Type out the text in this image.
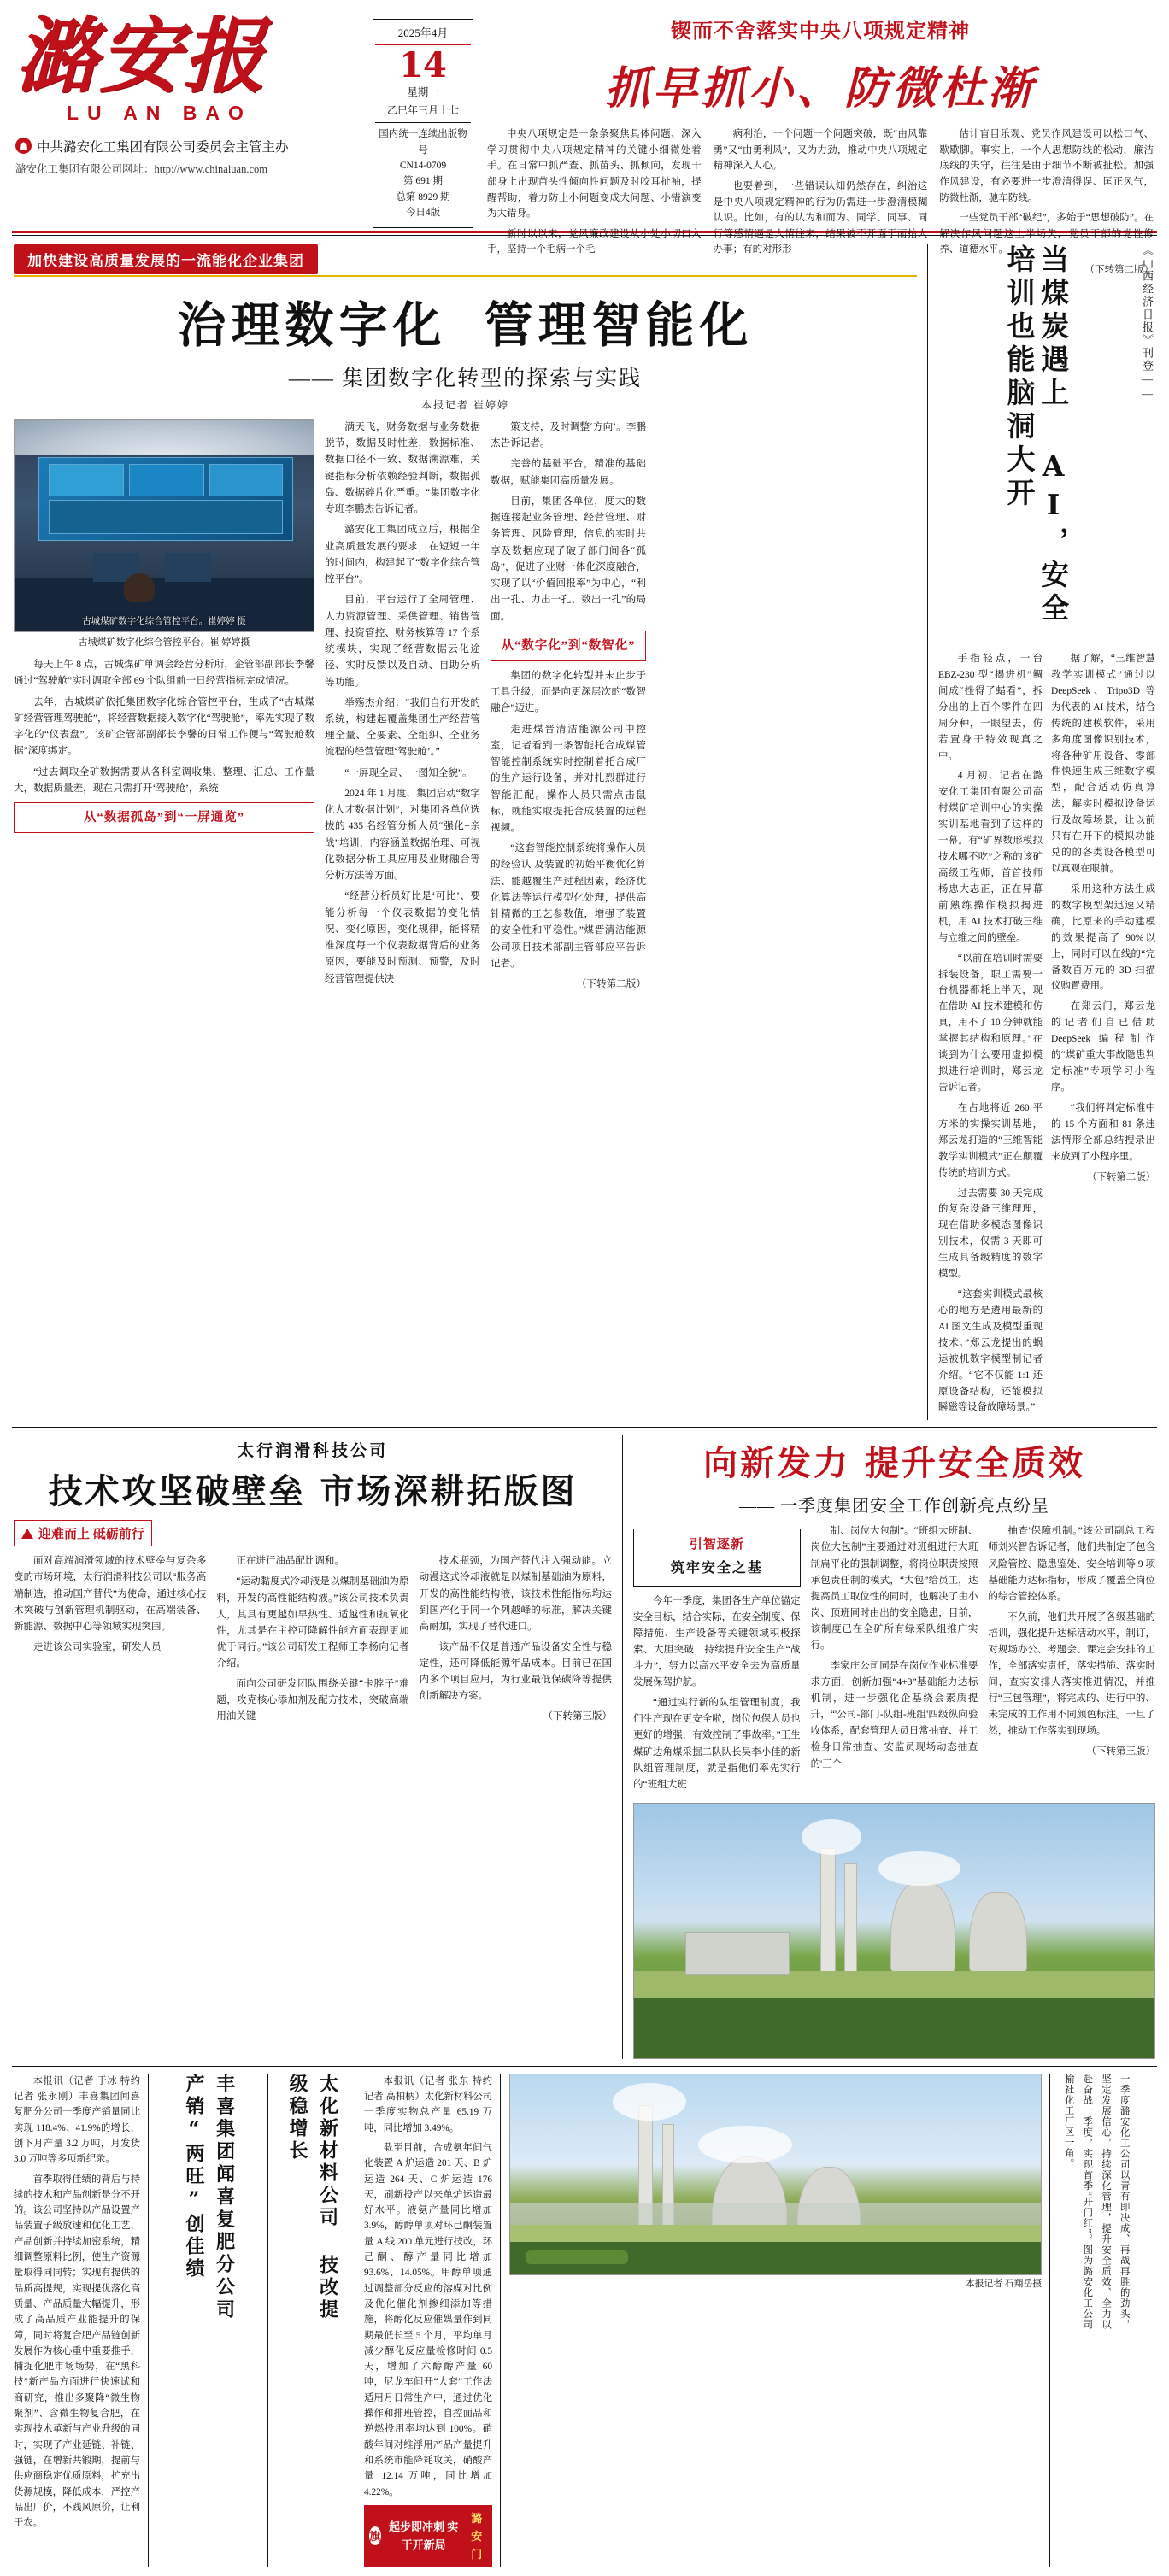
潞安报
LU AN BAO
☗ 中共潞安化工集团有限公司委员会主管主办
潞安化工集团有限公司网址：http://www.chinaluan.com
2025年4月
14
星期一
乙巳年三月十七
国内统一连续出版物号
CN14-0709
第 691 期
总第 8929 期
今日4版
锲而不舍落实中央八项规定精神
抓早抓小、防微杜渐

中央八项规定是一条条聚焦具体问题、深入学习贯彻中央八项规定精神的关键小细微处着手。在日常中抓严查、抓苗头、抓倾向，发现干部身上出现苗头性倾向性问题及时咬耳扯袖，提醒帮助，着力防止小问题变成大问题、小错演变为大错身。

新时以以来，党风廉政建设从小处小切口入手，坚持一个毛病一个毛

病利治，一个问题一个问题突破，既“由风靠勇”又“由勇利风”，又为力劲，推动中央八项规定精神深入人心。

也要着到，一些错误认知仍然存在，纠治这是中央八项规定精神的行为仍需进一步澄清模糊认识。比如，有的认为和而为、同学、同事、同行等感情逼是人情往来，结果被不开面于而抬人办事；有的对形形

估计盲目乐观、党员作风建设可以松口气、歇歇脚。事实上，一个人思想防线的松动，廉洁底线的失守，往往是由于细节不断被扯松。加强作风建设，有必要进一步澄清得误、匡正风气，防微杜渐，驰车防线。

一些党员干部“破纪”，多始于“思想破防”。在解决作风问题这上半场失，党员干部的党性修养、道德水平。

（下转第二版）

加快建设高质量发展的一流能化企业集团
治理数字化 管理智能化
—— 集团数字化转型的探索与实践
本报记者 崔婷婷
古城煤矿数字化综合管控平台。崔婷婷 摄
古城煤矿数字化综合管控平台。崔 婷婷摄

每天上午 8 点，古城煤矿单调会经营分析所，企管部副部长李馨通过“驾驶舱”实时调取全部 69 个队组前一日经营指标完成情况。

去年，古城煤矿依托集团数字化综合管控平台，生成了“古城煤矿经营管理驾驶舱”，将经营数据接入数字化“驾驶舱”，率先实现了数字化的“仪表盘”。该矿企管部副部长李馨的日常工作便与“驾驶舱数据”深度绑定。

“过去调取全矿数据需要从各科室调收集、整理、汇总、工作量大，数据质量差，现在只需打开‘驾驶舱’，系统

从“数据孤岛”到“一屏通览”

满天飞，财务数据与业务数据脱节，数据及时性差，数据标准、数据口径不一致、数据溯源难，关键指标分析依赖经验判断，数据孤岛、数据碎片化严重。“集团数字化专班李鹏杰告诉记者。

潞安化工集团成立后，根据企业高质量发展的要求，在短短一年的时间内，构建起了“数字化综合管控平台”。

目前，平台运行了全周管理、人力资源管理、采供管理、销售管理、投资管控、财务核算等 17 个系统模块，实现了经营数据云化途径、实时反馈以及自动、自助分析等功能。

举殇杰介绍：“我们自行开发的系统，构建起覆盖集团生产经营管理全量、全要素、全组织、全业务流程的经营管理‘驾驶舱’。”

“一屏现全局、一图知全貌”。

2024 年 1 月度，集团启动“数字化人才数据计划”，对集团各单位选拔的 435 名经管分析人员“强化+亲战”培训，内容涵盖数据治理、可视化数据分析工具应用及业财融合等分析方法等方面。

“经营分析员好比是‘可比’、要能分析每一个仪表数据的变化情况、变化原因，变化规律，能将精准深度每一个仪表数据背后的业务原因，要能及时预测、预警，及时经营管理提供决

策支持，及时调整‘方向’。李鹏杰告诉记者。

完善的基础平台，精准的基础数据，赋能集团高质量发展。

目前，集团各单位，度大的数据连接起业务管理、经营管理、财务管理、风险管理，信息的实时共享及数据应现了破了部门间各“孤岛”，促进了业财一体化深度融合，实现了以“价值回报率”为中心，“利出一孔、力出一孔、数出一孔”的局面。

从“数字化”到“数智化”

集团的数字化转型并未止步于工具升级，而是向更深层次的“数智融合”迈进。

走进煤晋清洁能源公司中控室，记者看到一条智能托合成煤管智能控制系统实时控制着托合成厂的生产运行设备，并对扎烈群进行智能汇配。操作人员只需点击鼠标，就能实取提托合成装置的远程视频。

“这套智能控制系统将操作人员的经验认 及装置的初始平衡优化算法、能越覆生产过程因素，经济优化算法等运行模型化处理，提供高针精微的工艺参数值，增强了装置的安全性和平稳性。”煤晋清洁能源公司项目技术部副主管部应平告诉记者。

（下转第二版）

当煤炭遇上 AI，安全培训也能脑洞大开	《山西经济日报》刊登——

手指轻点，一台 EBZ-230 型“揭进机”鲷间成“挫得了蜡看”，拆分出的上百个零件在四周分种，一眼望去，仿若置身于特效现真之中。

4 月初，记者在潞安化工集团有限公司高村煤矿培训中心的实操实训基地看到了这样的一幕。有“矿界数形模拟技术哪不吃”之称的该矿高级工程师，首首技师杨忠大志正，正在异幕前熟练操作模拟揭进机，用 AI 技术打破三维与立维之间的壁垒。

“以前在培训时需要拆装设备，职工需要一台机器都耗上半天，现在借助 AI 技术建模和仿真，用不了 10 分钟就能掌握其结构和原理。”在谈到为什么要用虚拟模拟进行培训时，郑云龙告诉记者。

在占地将近 260 平方米的实操实训基地，郑云龙打造的“三维智能教学实训模式”正在颠覆传统的培训方式。

过去需要 30 天完成的复杂设备三维理理，现在借助多模态图像识别技术，仅需 3 天即可生成具备级精度的数字模型。

“这套实训模式最核心的地方是遴用最新的 AI 图文生成及模型重现技术。”郑云龙提出的蜗运被机数字模型制记者介绍。“它不仅能 1:1 还原设备结构，还能模拟瞬磁等设备故障场景。”

据了解，“三维智慧教学实训模式”通过以 DeepSeek、Tripo3D 等为代表的 AI 技术，结合传统的建模软件，采用多角度图像识别技术，将各种矿用设备、零部件快速生成三维数字模型，配合适动仿真算法，解实时模拟设备运行及故障场景，让以前只有在开下的模拟功能兑的的各类设备模型可以真观在眼前。

采用这种方法生成的数字模型架迅速又精确，比原来的手动建模的效果提高了 90%以上，同时可以在线的“完备数百万元的 3D 扫描仪购置费用。

在郑云门，郑云龙的记者们自已借助 DeepSeek 编程制作的“煤矿重大事故隐患判定标准”专项学习小程序。

“我们将判定标准中的 15 个方面和 81 条违法情形全部总结搜录出来放到了小程序里。

（下转第二版）

太行润滑科技公司
技术攻坚破壁垒 市场深耕拓版图
迎难而上 砥砺前行

面对高端润滑领域的技术壁垒与复杂多变的市场环境，太行润滑科技公司以“服务高端制造，推动国产替代”为使命，通过核心技术突破与创新管理机制驱动，在高端装备、新能源、数据中心等领域实现突围。

走进该公司实验室，研发人员

正在进行油品配比调和。

“运动黏度式冷却液是以煤制基础油为原料，开发的高性能结构液。”该公司技术负责人，其具有更越如早热性、适越性和抗氧化性，尤其是在主控可降解性能方面表现更加优于同行。”该公司研发工程师王李杨向记者介绍。

面向公司研发团队围绕关键“卡脖子”难题，攻克核心添加剂及配方技术，突破高端用油关键

技术瓶颈，为国产替代注入强动能。立动漫这式冷却液就是以煤制基础油为原料，开发的高性能结构液，该技术性能指标均达到国产化于同一个列越峰的标准，解决关键高耐加，实现了替代进口。

该产品不仅是普通产品设备安全性与稳定性，还可降低能源年品成本。目前已在国内多个项目应用，为行业最低保碳降等提供创新解决方案。

（下转第三版）

向新发力 提升安全质效
—— 一季度集团安全工作创新亮点纷呈
引智逐新
筑牢安全之基

今年一季度，集团各生产单位锚定安全目标，结合实际，在安全制度、保障措施、生产设备等关键领域积极探索、大胆突破，持续提升安全生产“战斗力”，努力以高水平安全去为高质量发展保驾护航。

“通过实行新的队组管理制度，我们生产现在更安全啦，岗位包保人员也更好的增强，有效控制了事故率。”王生煤矿边角煤采掘二队队长吴李小佳的新队组管理制度，就是指他们率先实行的“班组大班

制、岗位大包制”。“班组大班制、岗位大包制”主要通过对班组进行大班制扁平化的强制调整，将岗位职责按照承包责任制的模式，“大包”给员工，达提高员工取位性的同时，也解决了由小岗、顶班同时由出的安全隐患，目前，该制度已在全矿所有绿采队组推广实行。

李家庄公司同是在岗位作业标准要求方面，创新加强“4+3”基础能力达标机制，进一步强化企基绕会素质提升，“'公司-部门-队组-班组'四级纵向验收体系，配套管理人员日常抽查、并工检身日常抽查、安监员现场动态抽查的'三个

抽查'保障机制。”该公司副总工程师刘兴智告诉记者，他们共制定了包含风险管控、隐患鉴处、安全培训等 9 项基础能力达标指标，形成了覆盖全岗位的综合管控体系。

不久前，他们共开展了各级基础的培训，强化提升达标活动水平，制订，对规场办公、考题会、课定会安排的工作，全部落实责任，落实措施、落实时间，查实安排人落实推进情况，并推行“三包管理”，将完成的、进行中的、未完成的工作用不同颜色标注。一旦了然，推动工作落实到现场。

（下转第三版）

本报讯（记者 于冰 特约记者 张永刚）丰喜集团闻喜复肥分公司一季度产销量同比实现 118.4%、41.9%的增长，创下月产量 3.2 万吨，月发货 3.0 万吨等多项新纪录。

首季取得佳绩的背后与持续的技术和产品创新是分不开的。该公司坚持以产品设置产品装置子级放速和优化工艺，产品创新并持续加密系统，精细调整原料比例，使生产资源量取得同同转；实现有提供的品质高提规，实现提优落化高质量、产品质量大幅提升，形成了高品质产业能提升的保障，同时将复合肥产品链创新发展作为核心重中重要推手，捕捉化肥市场场势，在“黑科技”新产品方面进行快速试和商研究，推出多聚降“微生物聚剂”、含微生物复合肥，在实现技术革新与产业升级的同时，实现了产业延链、补链、强链，在增新共锻期，提前与供应商稳定优质原料，扩充出货源规模，降低成本，严控产品出厂价，不践风原价，让利于农。

丰喜集团闻喜复肥分公司 产销“两旺”创佳绩	太化新材料公司 技改提级稳增长	本报讯（记者 张东 特约记者 高柏柄）太化新材料公司一季度实物总产量 65.19 万吨，同比增加 3.49%。

截至目前，合成氨年间气化装置 A 炉运造 201 天、B 炉运造 264 天、C 炉运造 176 天，刷新投产以来单炉运造最好水平。液氨产量同比增加 3.9%，醇醇单项对环己酮装置量 A 线 200 单元进行技改，环己酮、醇产量同比增加 93.6%、14.05%。甲醇单项通过调整部分反应的溶媒对比例及优化催化剂掺细添加等措施，将醇化反应催媒量作到同期最低长至 5 个月，平均单月减少醇化反应量检修时间 0.5 天，增加了六醇醇产量 60 吨，尼龙车间开“大套”工作法适用月日常生产中，通过优化操作和排班管控，自控面品和逆燃投用率均达到 100%。硝酸年间对维浮用产品产量提升和系统市能降耗攻关，硝酸产量 12.14 万吨，同比增加 4.22%。

旗
起步即冲刺 实干开新局
潞安门
本报记者 石翔岳摄	一季度潞安化工公司以青有即决成、再战再胜的劲头，坚定发展信心，持续深化管理，提升安全质效、全力以赴奋战一季度，实现首季“开门红”。图为潞安化工公司榆社化工厂区一角。
